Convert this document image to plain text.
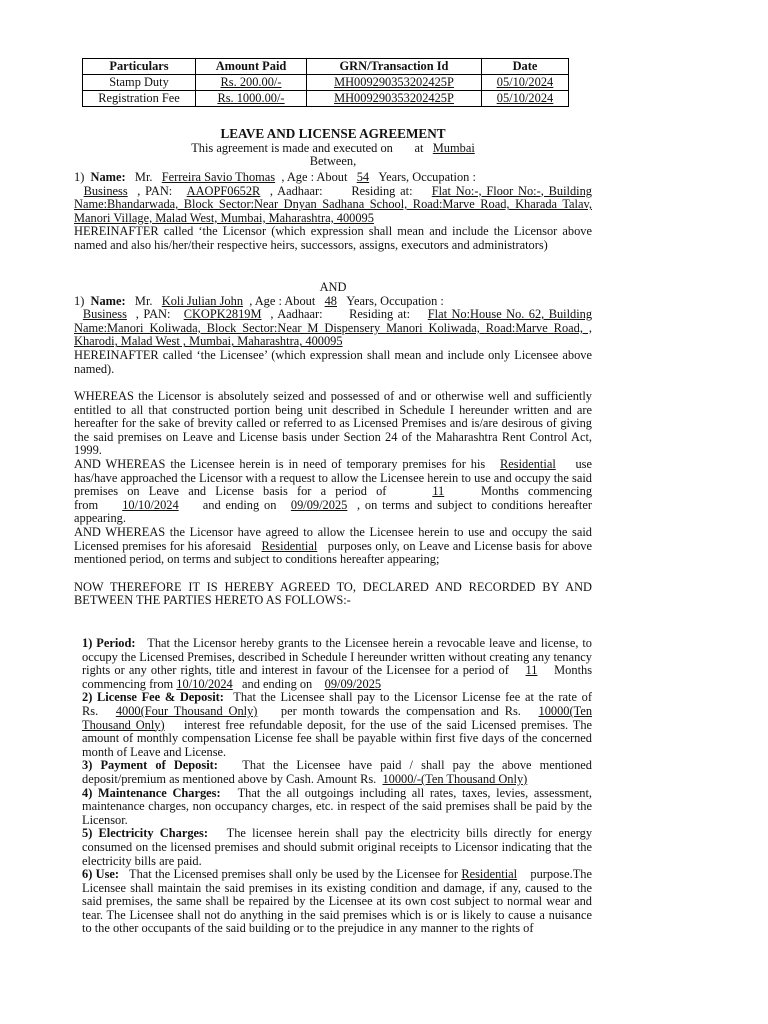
Particulars	Amount Paid	GRN/Transaction Id	Date
Stamp Duty	Rs. 200.00/-	MH009290353202425P	05/10/2024
Registration Fee	Rs. 1000.00/-	MH009290353202425P	05/10/2024

LEAVE AND LICENSE AGREEMENT

This agreement is made and executed on at Mumbai

Between,

1) Name: Mr. Ferreira Savio Thomas , Age : About 54 Years, Occupation :
Business , PAN: AAOPF0652R , Aadhaar: Residing at: Flat No:-, Floor No:-, Building Name:Bhandarwada, Block Sector:Near Dnyan Sadhana School, Road:Marve Road, Kharada Talav, Manori Village, Malad West, Mumbai, Maharashtra, 400095

HEREINAFTER called ‘the Licensor (which expression shall mean and include the Licensor above named and also his/her/their respective heirs, successors, assigns, executors and administrators)

AND

1) Name: Mr. Koli Julian John , Age : About 48 Years, Occupation :
Business , PAN: CKOPK2819M , Aadhaar: Residing at: Flat No:House No. 62, Building Name:Manori Koliwada, Block Sector:Near M Dispensery Manori Koliwada, Road:Marve Road, , Kharodi, Malad West , Mumbai, Maharashtra, 400095

HEREINAFTER called ‘the Licensee’ (which expression shall mean and include only Licensee above named).

WHEREAS the Licensor is absolutely seized and possessed of and or otherwise well and sufficiently entitled to all that constructed portion being unit described in Schedule I hereunder written and are hereafter for the sake of brevity called or referred to as Licensed Premises and is/are desirous of giving the said premises on Leave and License basis under Section 24 of the Maharashtra Rent Control Act, 1999.

AND WHEREAS the Licensee herein is in need of temporary premises for his Residential use has/have approached the Licensor with a request to allow the Licensee herein to use and occupy the said premises on Leave and License basis for a period of	11	Months commencing from 10/10/2024 and ending on 09/09/2025 , on terms and subject to conditions hereafter appearing.

AND WHEREAS the Licensor have agreed to allow the Licensee herein to use and occupy the said Licensed premises for his aforesaid Residential purposes only, on Leave and License basis for above mentioned period, on terms and subject to conditions hereafter appearing;

NOW THEREFORE IT IS HEREBY AGREED TO, DECLARED AND RECORDED BY AND BETWEEN THE PARTIES HERETO AS FOLLOWS:-

1) Period: That the Licensor hereby grants to the Licensee herein a revocable leave and license, to occupy the Licensed Premises, described in Schedule I hereunder written without creating any tenancy rights or any other rights, title and interest in favour of the Licensee for a period of 11 Months commencing from 10/10/2024 and ending on 09/09/2025

2) License Fee & Deposit: That the Licensee shall pay to the Licensor License fee at the rate of Rs. 4000(Four Thousand Only) per month towards the compensation and Rs. 10000(Ten Thousand Only) interest free refundable deposit, for the use of the said Licensed premises. The amount of monthly compensation License fee shall be payable within first five days of the concerned month of Leave and License.

3) Payment of Deposit: That the Licensee have paid / shall pay the above mentioned deposit/premium as mentioned above by Cash. Amount Rs. 10000/-(Ten Thousand Only)

4) Maintenance Charges: That the all outgoings including all rates, taxes, levies, assessment, maintenance charges, non occupancy charges, etc. in respect of the said premises shall be paid by the Licensor.

5) Electricity Charges: The licensee herein shall pay the electricity bills directly for energy consumed on the licensed premises and should submit original receipts to Licensor indicating that the electricity bills are paid.

6) Use: That the Licensed premises shall only be used by the Licensee for Residential purpose.The Licensee shall maintain the said premises in its existing condition and damage, if any, caused to the said premises, the same shall be repaired by the Licensee at its own cost subject to normal wear and tear. The Licensee shall not do anything in the said premises which is or is likely to cause a nuisance to the other occupants of the said building or to the prejudice in any manner to the rights of
